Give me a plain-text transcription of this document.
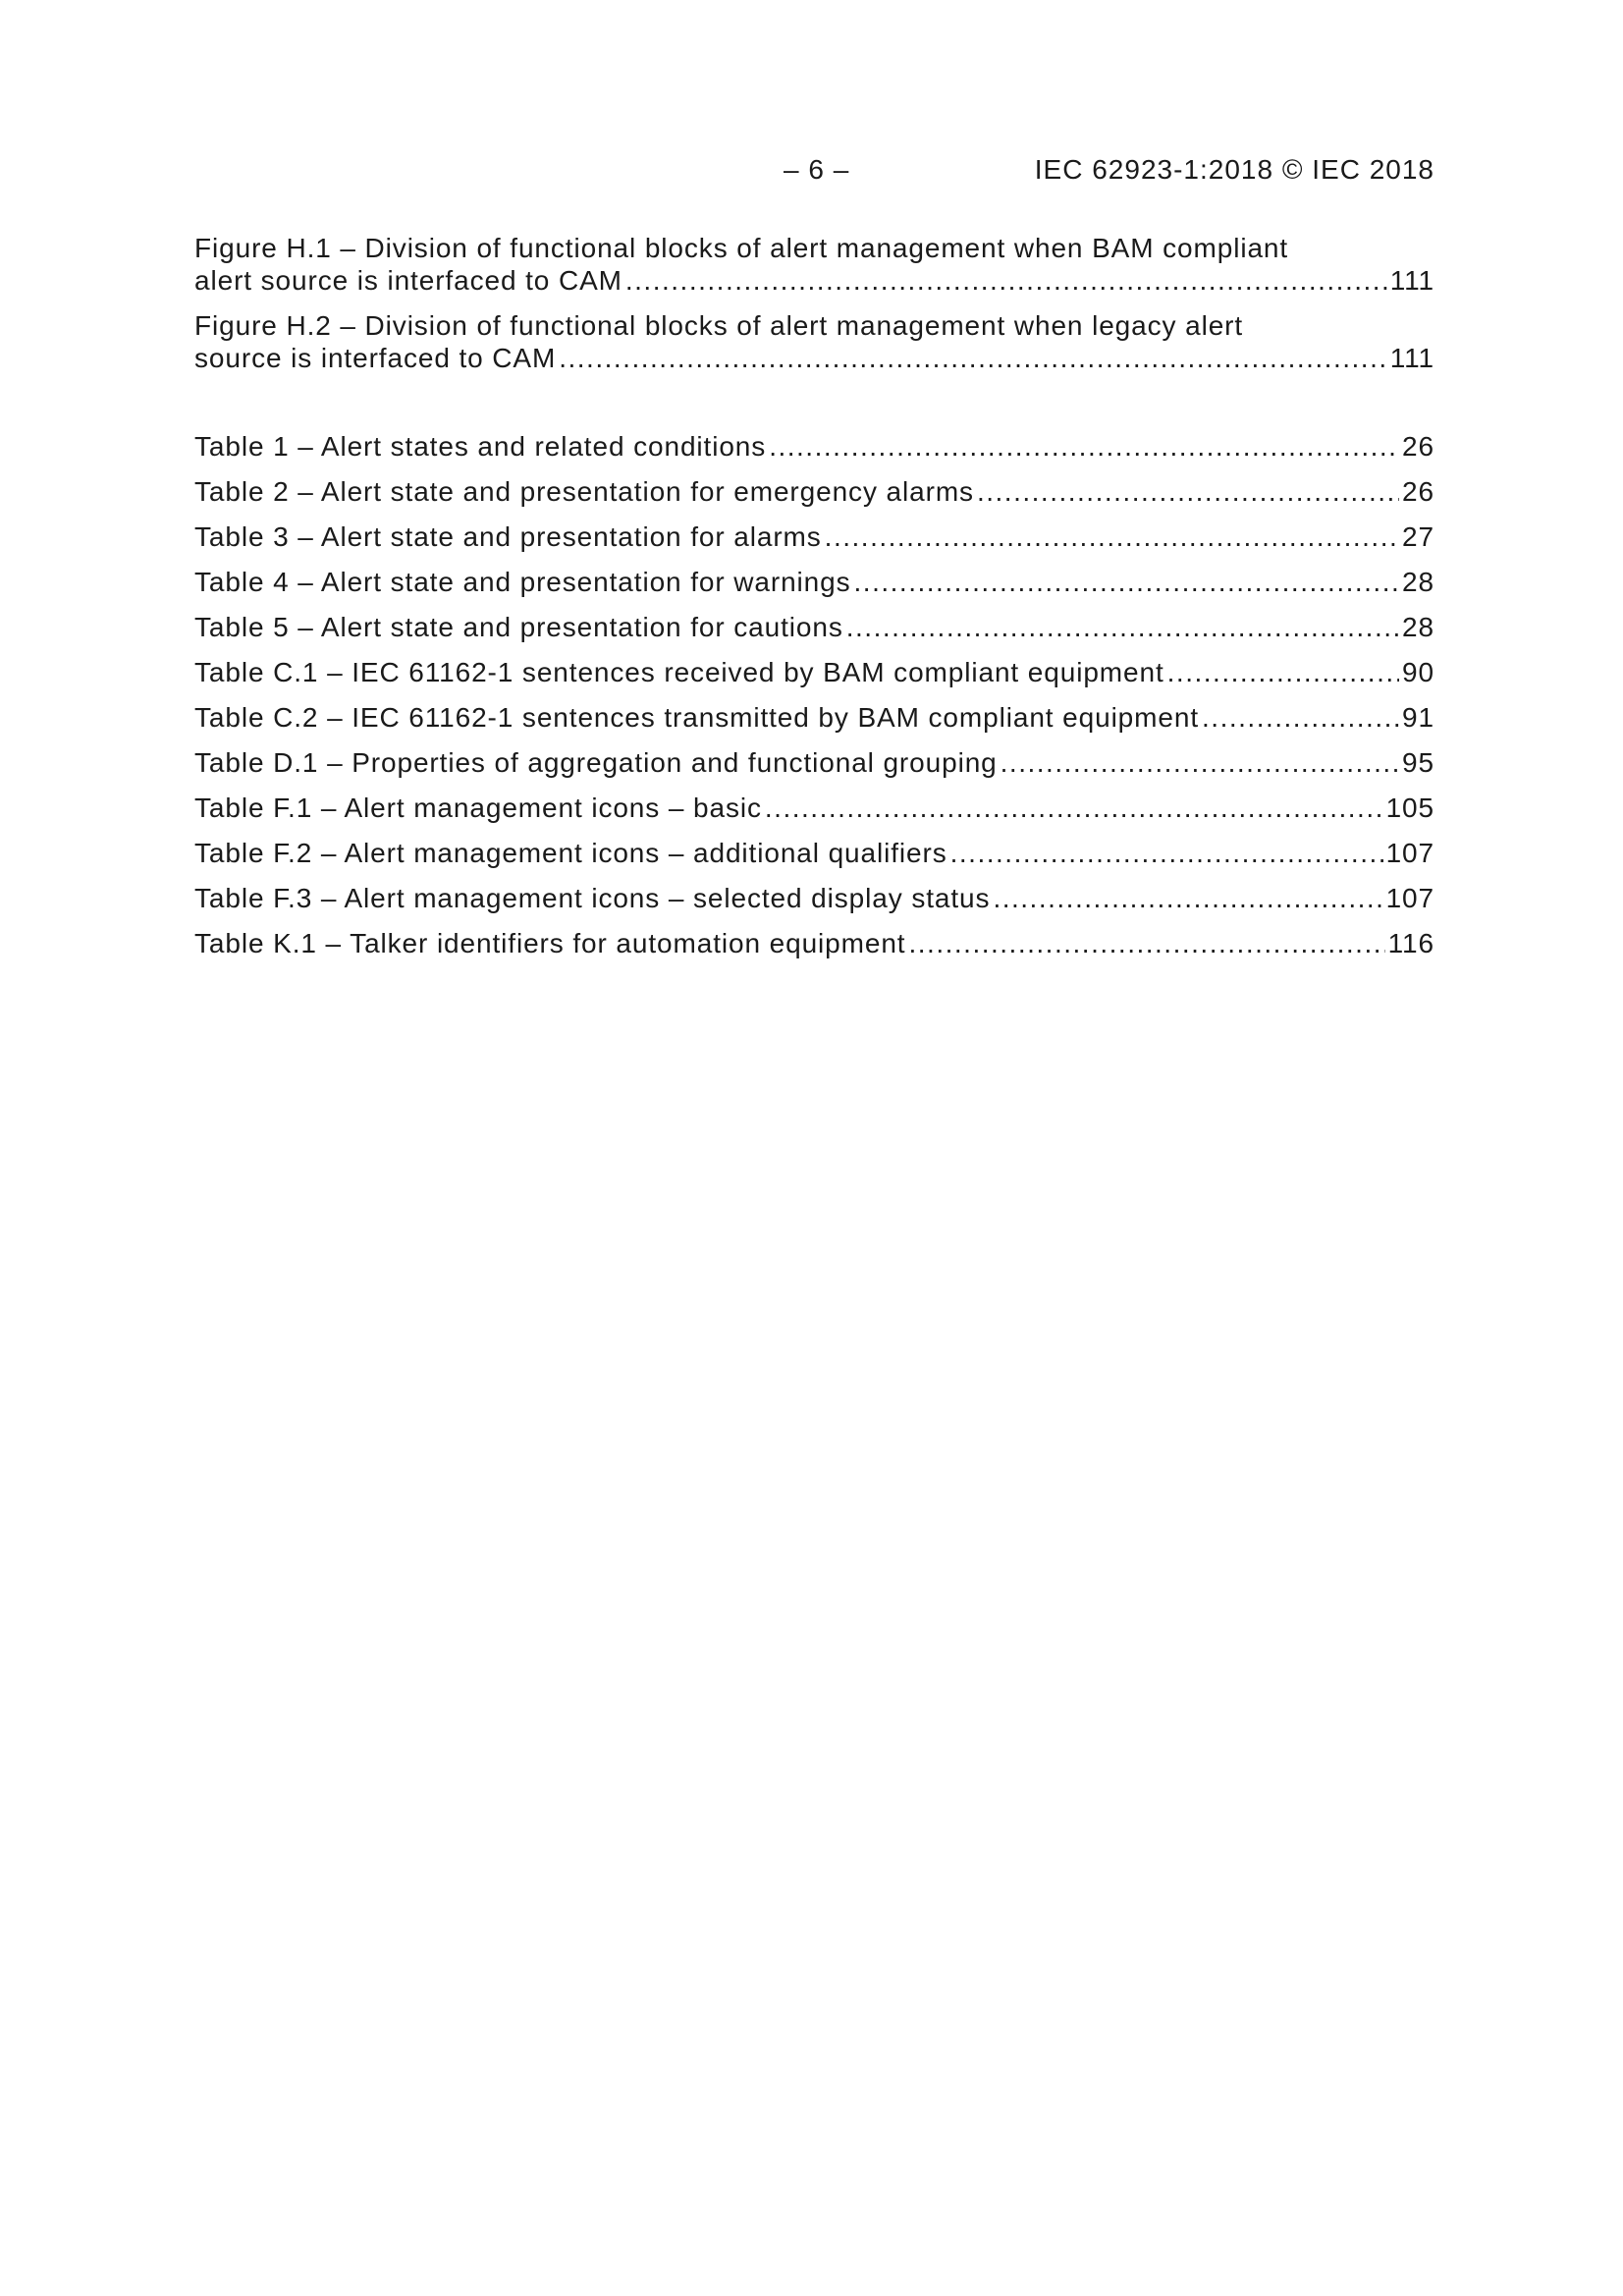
– 6 –	IEC 62923-1:2018 © IEC 2018
Figure H.1 – Division of functional blocks of alert management when BAM compliant
alert source is interfaced to CAM .....	111
Figure H.2 – Division of functional blocks of alert management when legacy alert
source is interfaced to CAM .....	111
Table 1 – Alert states and related conditions .....	26
Table 2 – Alert state and presentation for emergency alarms .....	26
Table 3 – Alert state and presentation for alarms .....	27
Table 4 – Alert state and presentation for warnings .....	28
Table 5 – Alert state and presentation for cautions .....	28
Table C.1 – IEC 61162-1 sentences received by BAM compliant equipment .....	90
Table C.2 – IEC 61162-1 sentences transmitted by BAM compliant equipment .....	91
Table D.1 – Properties of aggregation and functional grouping .....	95
Table F.1 – Alert management icons – basic .....	105
Table F.2 – Alert management icons – additional qualifiers .....	107
Table F.3 – Alert management icons – selected display status .....	107
Table K.1 – Talker identifiers for automation equipment .....	116
